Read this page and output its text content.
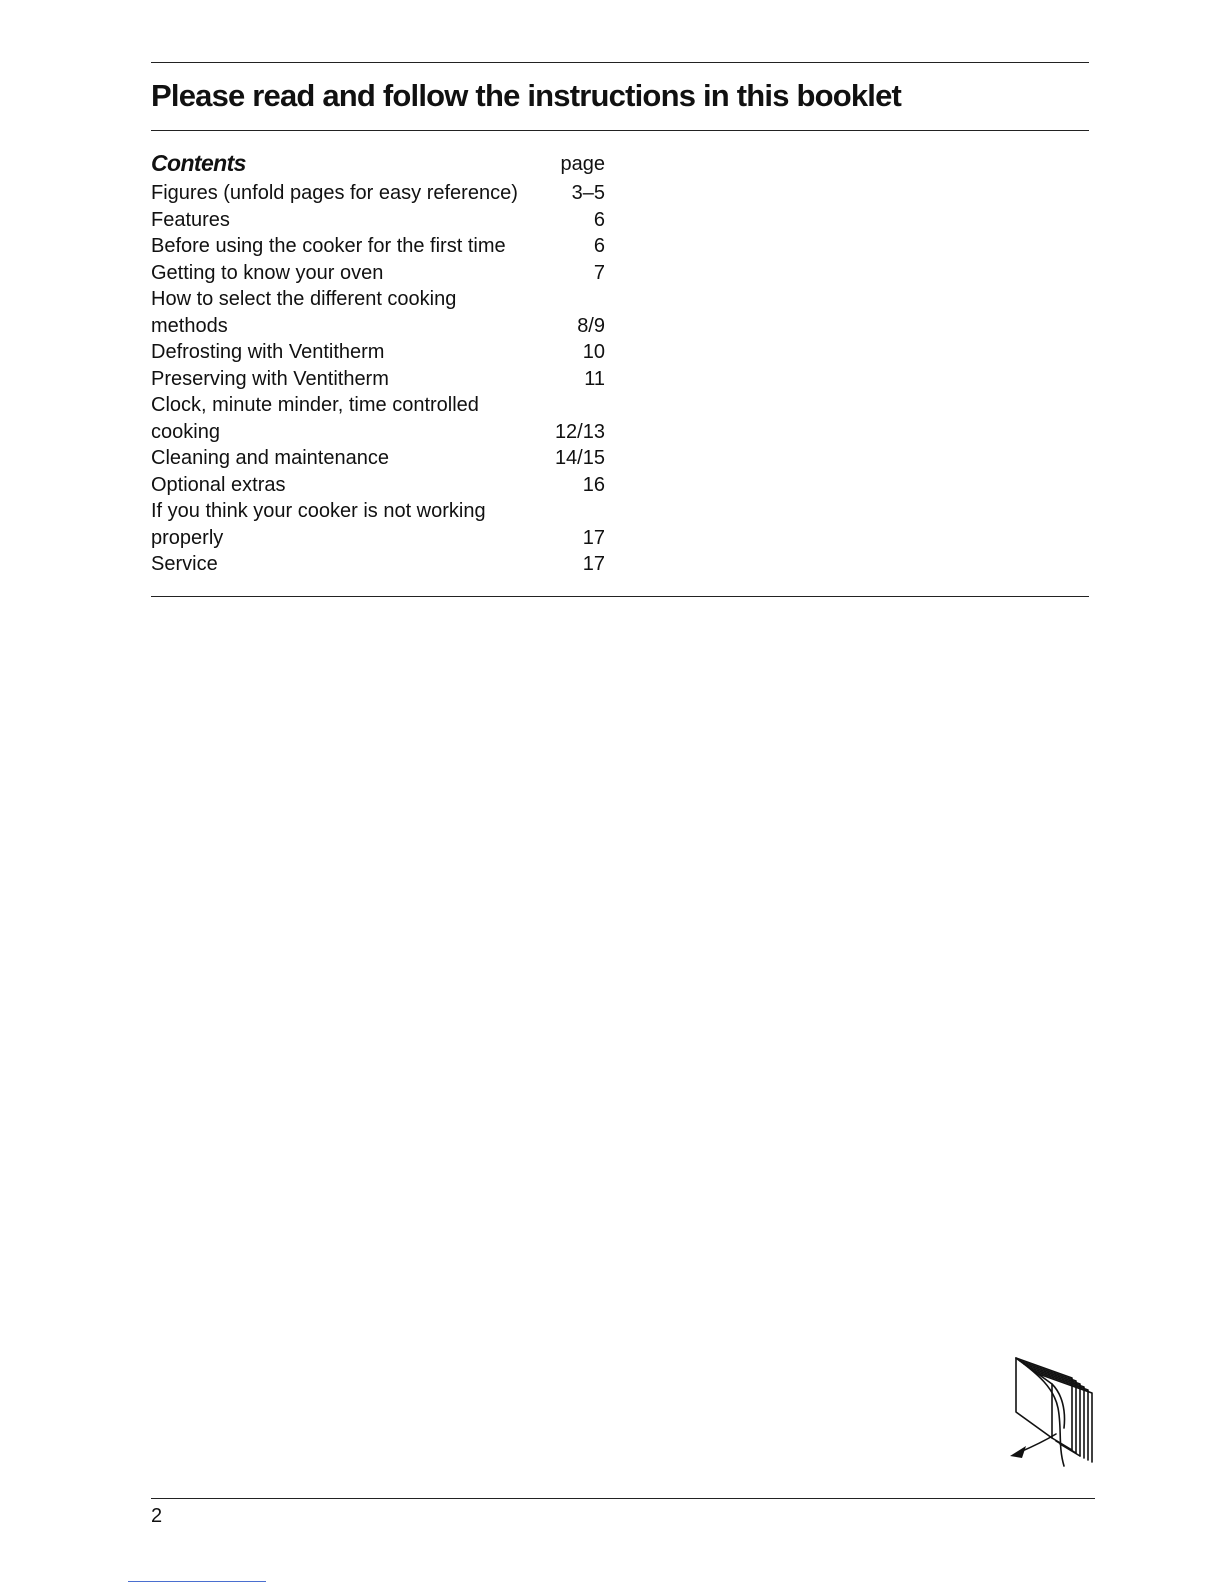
Please read and follow the instructions in this booklet
Contents	page
Figures (unfold pages for easy reference)	3–5
Features	6
Before using the cooker for the first time	6
Getting to know your oven	7
How to select the different cooking
methods	8/9
Defrosting with Ventitherm	10
Preserving with Ventitherm	11
Clock, minute minder, time controlled
cooking	12/13
Cleaning and maintenance	14/15
Optional extras	16
If you think your cooker is not working
properly	17
Service	17
2
